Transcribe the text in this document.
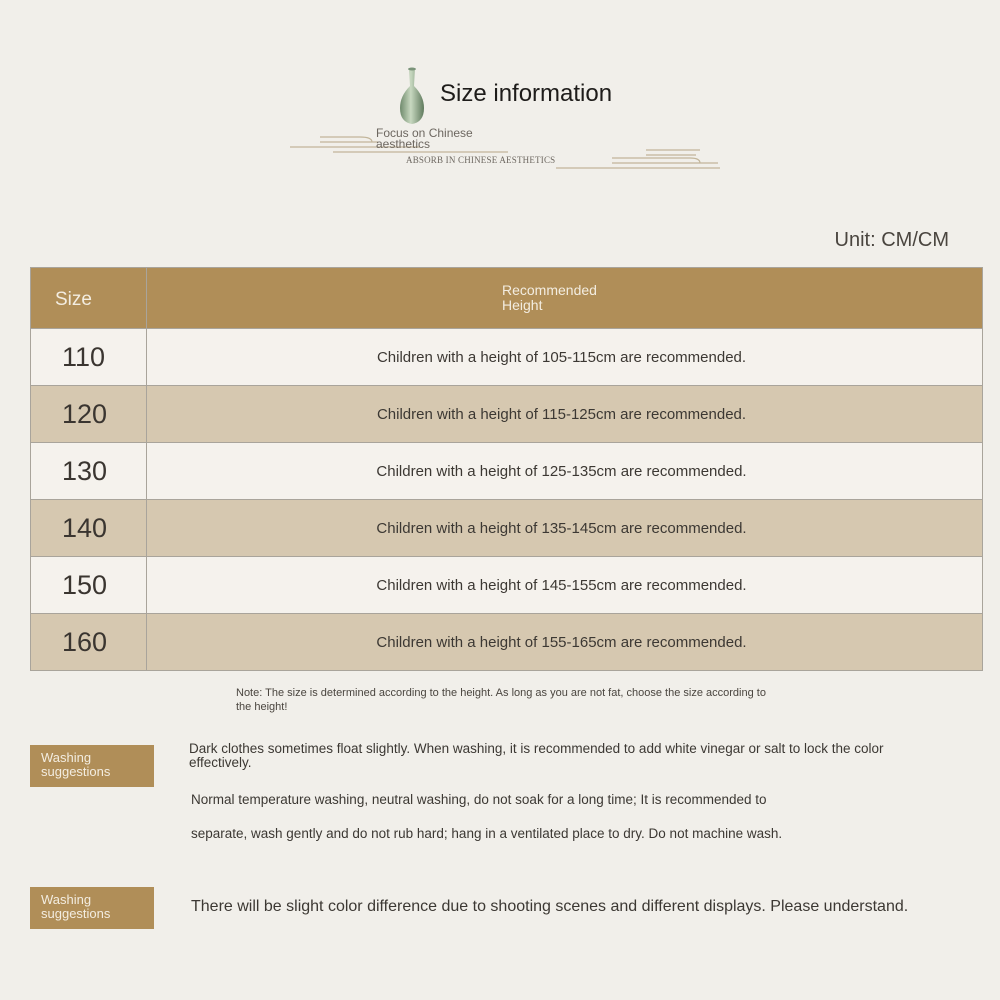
Size information
Focus on Chinese aesthetics
ABSORB IN CHINESE AESTHETICS
Unit: CM/CM
Size	Recommended Height
110	Children with a height of 105-115cm are recommended.
120	Children with a height of 115-125cm are recommended.
130	Children with a height of 125-135cm are recommended.
140	Children with a height of 135-145cm are recommended.
150	Children with a height of 145-155cm are recommended.
160	Children with a height of 155-165cm are recommended.
Note: The size is determined according to the height. As long as you are not fat, choose the size according to the height!
Washing suggestions
Dark clothes sometimes float slightly. When washing, it is recommended to add white vinegar or salt to lock the color effectively.
Normal temperature washing, neutral washing, do not soak for a long time; It is recommended to
separate, wash gently and do not rub hard; hang in a ventilated place to dry. Do not machine wash.
Washing suggestions	There will be slight color difference due to shooting scenes and different displays. Please understand.
